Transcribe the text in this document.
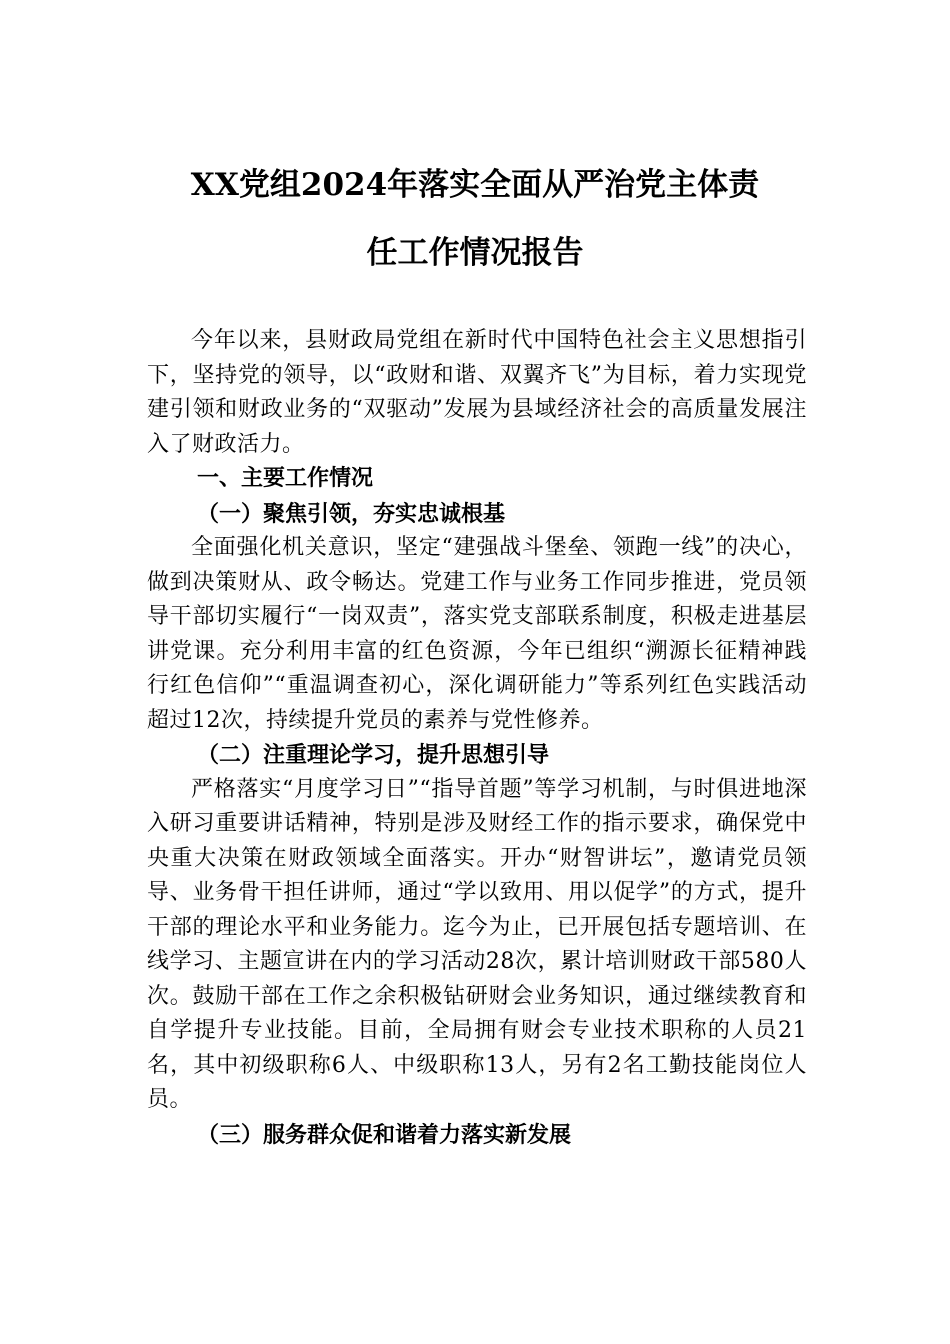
XX党组2024年落实全面从严治党主体责
任工作情况报告

今年以来，县财政局党组在新时代中国特色社会主义思想指引下，坚持党的领导，以“政财和谐、双翼齐飞”为目标，着力实现党建引领和财政业务的“双驱动”发展为县域经济社会的高质量发展注入了财政活力。

一、主要工作情况

（一）聚焦引领，夯实忠诚根基

全面强化机关意识，坚定“建强战斗堡垒、领跑一线”的决心，做到决策财从、政令畅达。党建工作与业务工作同步推进，党员领导干部切实履行“一岗双责”，落实党支部联系制度，积极走进基层讲党课。充分利用丰富的红色资源，今年已组织“溯源长征精神践行红色信仰”“重温调查初心，深化调研能力”等系列红色实践活动超过12次，持续提升党员的素养与党性修养。

（二）注重理论学习，提升思想引导

严格落实“月度学习日”“指导首题”等学习机制，与时俱进地深入研习重要讲话精神，特别是涉及财经工作的指示要求，确保党中央重大决策在财政领域全面落实。开办“财智讲坛”，邀请党员领导、业务骨干担任讲师，通过“学以致用、用以促学”的方式，提升干部的理论水平和业务能力。迄今为止，已开展包括专题培训、在线学习、主题宣讲在内的学习活动28次，累计培训财政干部580人次。鼓励干部在工作之余积极钻研财会业务知识，通过继续教育和自学提升专业技能。目前，全局拥有财会专业技术职称的人员21名，其中初级职称6人、中级职称13人，另有2名工勤技能岗位人员。

（三）服务群众促和谐着力落实新发展
